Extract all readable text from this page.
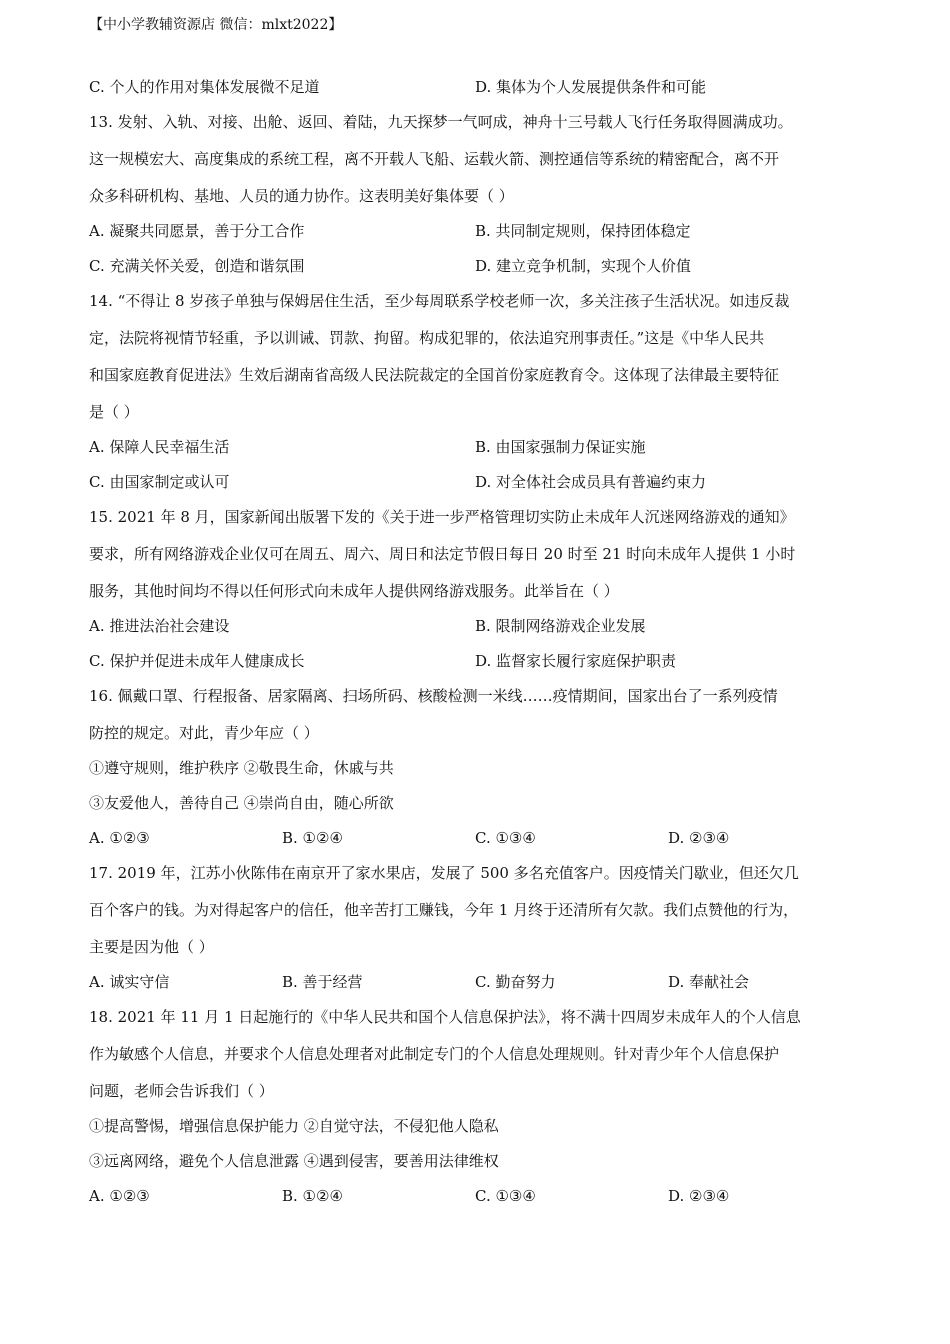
【中小学教辅资源店 微信：mlxt2022】
C. 个人的作用对集体发展微不足道	D. 集体为个人发展提供条件和可能
13. 发射、入轨、对接、出舱、返回、着陆，九天探梦一气呵成，神舟十三号载人飞行任务取得圆满成功。
这一规模宏大、高度集成的系统工程，离不开载人飞船、运载火箭、测控通信等系统的精密配合，离不开
众多科研机构、基地、人员的通力协作。这表明美好集体要（ ）
A. 凝聚共同愿景，善于分工合作	B. 共同制定规则，保持团体稳定
C. 充满关怀关爱，创造和谐氛围	D. 建立竞争机制，实现个人价值
14. “不得让 8 岁孩子单独与保姆居住生活，至少每周联系学校老师一次，多关注孩子生活状况。如违反裁
定，法院将视情节轻重，予以训诫、罚款、拘留。构成犯罪的，依法追究刑事责任。”这是《中华人民共
和国家庭教育促进法》生效后湖南省高级人民法院裁定的全国首份家庭教育令。这体现了法律最主要特征
是（ ）
A. 保障人民幸福生活	B. 由国家强制力保证实施
C. 由国家制定或认可	D. 对全体社会成员具有普遍约束力
15. 2021 年 8 月，国家新闻出版署下发的《关于进一步严格管理切实防止未成年人沉迷网络游戏的通知》
要求，所有网络游戏企业仅可在周五、周六、周日和法定节假日每日 20 时至 21 时向未成年人提供 1 小时
服务，其他时间均不得以任何形式向未成年人提供网络游戏服务。此举旨在（ ）
A. 推进法治社会建设	B. 限制网络游戏企业发展
C. 保护并促进未成年人健康成长	D. 监督家长履行家庭保护职责
16. 佩戴口罩、行程报备、居家隔离、扫场所码、核酸检测一米线……疫情期间，国家出台了一系列疫情
防控的规定。对此，青少年应（ ）
①遵守规则，维护秩序 ②敬畏生命，休戚与共
③友爱他人，善待自己 ④崇尚自由，随心所欲
A. ①②③	B. ①②④	C. ①③④	D. ②③④
17. 2019 年，江苏小伙陈伟在南京开了家水果店，发展了 500 多名充值客户。因疫情关门歇业，但还欠几
百个客户的钱。为对得起客户的信任，他辛苦打工赚钱，今年 1 月终于还清所有欠款。我们点赞他的行为，
主要是因为他（ ）
A. 诚实守信	B. 善于经营	C. 勤奋努力	D. 奉献社会
18. 2021 年 11 月 1 日起施行的《中华人民共和国个人信息保护法》，将不满十四周岁未成年人的个人信息
作为敏感个人信息，并要求个人信息处理者对此制定专门的个人信息处理规则。针对青少年个人信息保护
问题，老师会告诉我们（ ）
①提高警惕，增强信息保护能力 ②自觉守法，不侵犯他人隐私
③远离网络，避免个人信息泄露 ④遇到侵害，要善用法律维权
A. ①②③	B. ①②④	C. ①③④	D. ②③④
